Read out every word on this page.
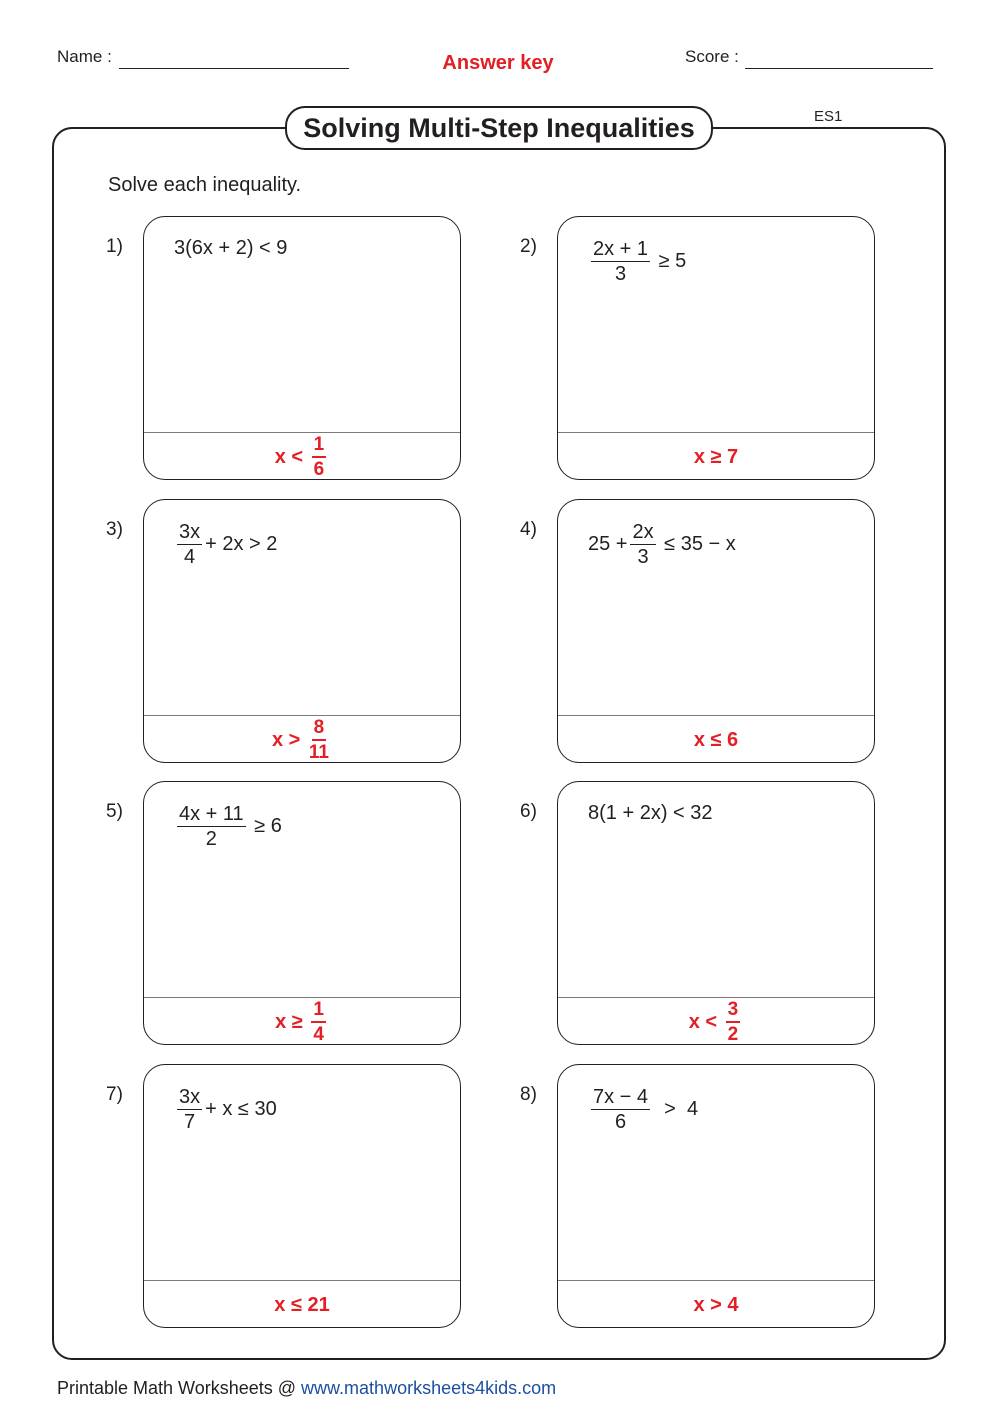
Name :	Answer key	Score :
Solving Multi-Step Inequalities	ES1
Solve each inequality.
1)	3(6x + 2) < 9
$x < \frac{1}{6}$
2)	$\frac{2x + 1}{3} \ge 5$
x ≥ 7
3)	$\frac{3x}{4} + 2x > 2$
$x > \frac{8}{11}$
4)
$25 + \frac{2x}{3} \le 35 - x$
x ≤ 6
5)	$\frac{4x + 11}{2} \ge 6$
$x \ge \frac{1}{4}$
6)	8(1 + 2x) < 32
$x < \frac{3}{2}$
7)	$\frac{3x}{7} + x \le 30$
x ≤ 21
8)	$\frac{7x - 4}{6} > 4$
x > 4
Printable Math Worksheets @ www.mathworksheets4kids.com
